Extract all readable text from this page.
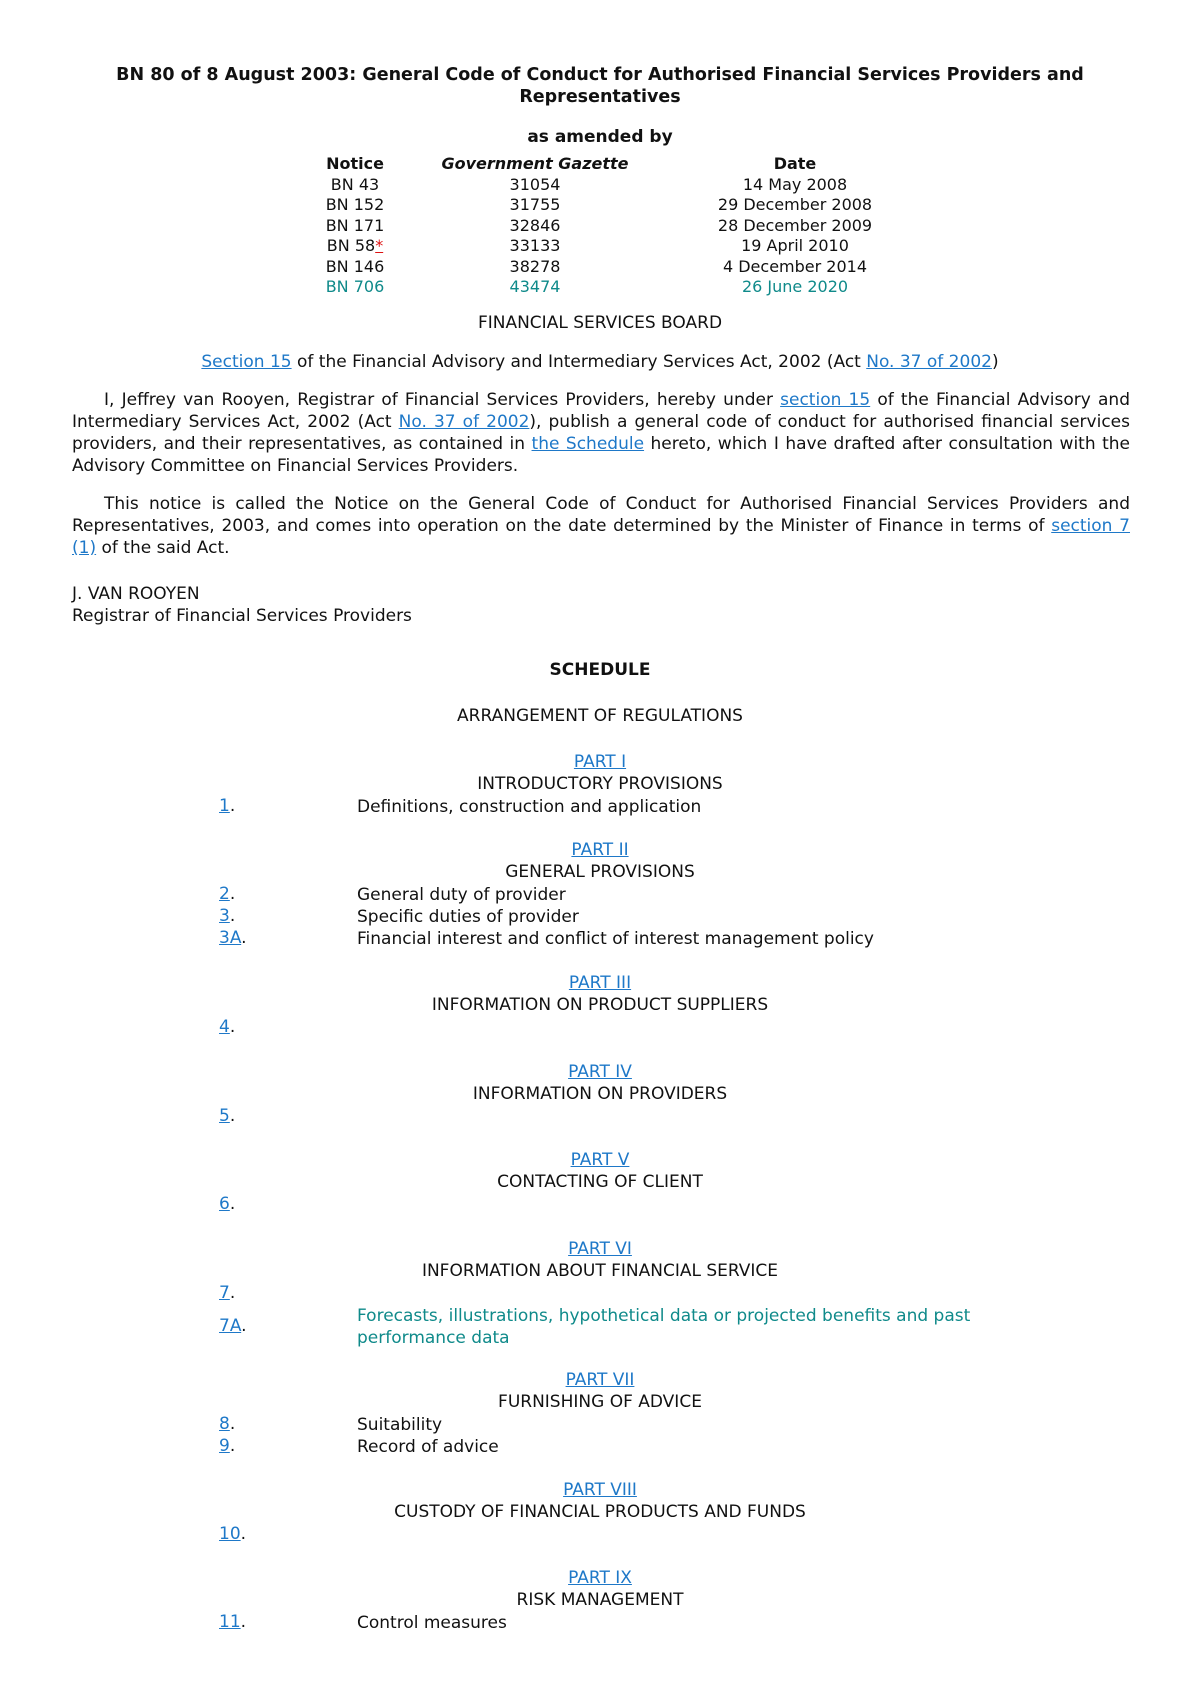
BN 80 of 8 August 2003: General Code of Conduct for Authorised Financial Services Providers and Representatives
as amended by
Notice	Government Gazette	Date
BN 43	31054	14 May 2008
BN 152	31755	29 December 2008
BN 171	32846	28 December 2009
BN 58*	33133	19 April 2010
BN 146	38278	4 December 2014
BN 706	43474	26 June 2020
FINANCIAL SERVICES BOARD
Section 15 of the Financial Advisory and Intermediary Services Act, 2002 (Act No. 37 of 2002)
I, Jeffrey van Rooyen, Registrar of Financial Services Providers, hereby under section 15 of the Financial Advisory and Intermediary Services Act, 2002 (Act No. 37 of 2002), publish a general code of conduct for authorised financial services providers, and their representatives, as contained in the Schedule hereto, which I have drafted after consultation with the Advisory Committee on Financial Services Providers.
This notice is called the Notice on the General Code of Conduct for Authorised Financial Services Providers and Representatives, 2003, and comes into operation on the date determined by the Minister of Finance in terms of section 7 (1) of the said Act.
J. VAN ROOYEN
Registrar of Financial Services Providers
SCHEDULE
ARRANGEMENT OF REGULATIONS
PART I
INTRODUCTORY PROVISIONS
1.	Definitions, construction and application
PART II
GENERAL PROVISIONS
2.	General duty of provider
3.	Specific duties of provider
3A.	Financial interest and conflict of interest management policy
PART III
INFORMATION ON PRODUCT SUPPLIERS
4.
PART IV
INFORMATION ON PROVIDERS
5.
PART V
CONTACTING OF CLIENT
6.
PART VI
INFORMATION ABOUT FINANCIAL SERVICE
7.
7A.	Forecasts, illustrations, hypothetical data or projected benefits and past performance data
PART VII
FURNISHING OF ADVICE
8.	Suitability
9.	Record of advice
PART VIII
CUSTODY OF FINANCIAL PRODUCTS AND FUNDS
10.
PART IX
RISK MANAGEMENT
11.	Control measures
